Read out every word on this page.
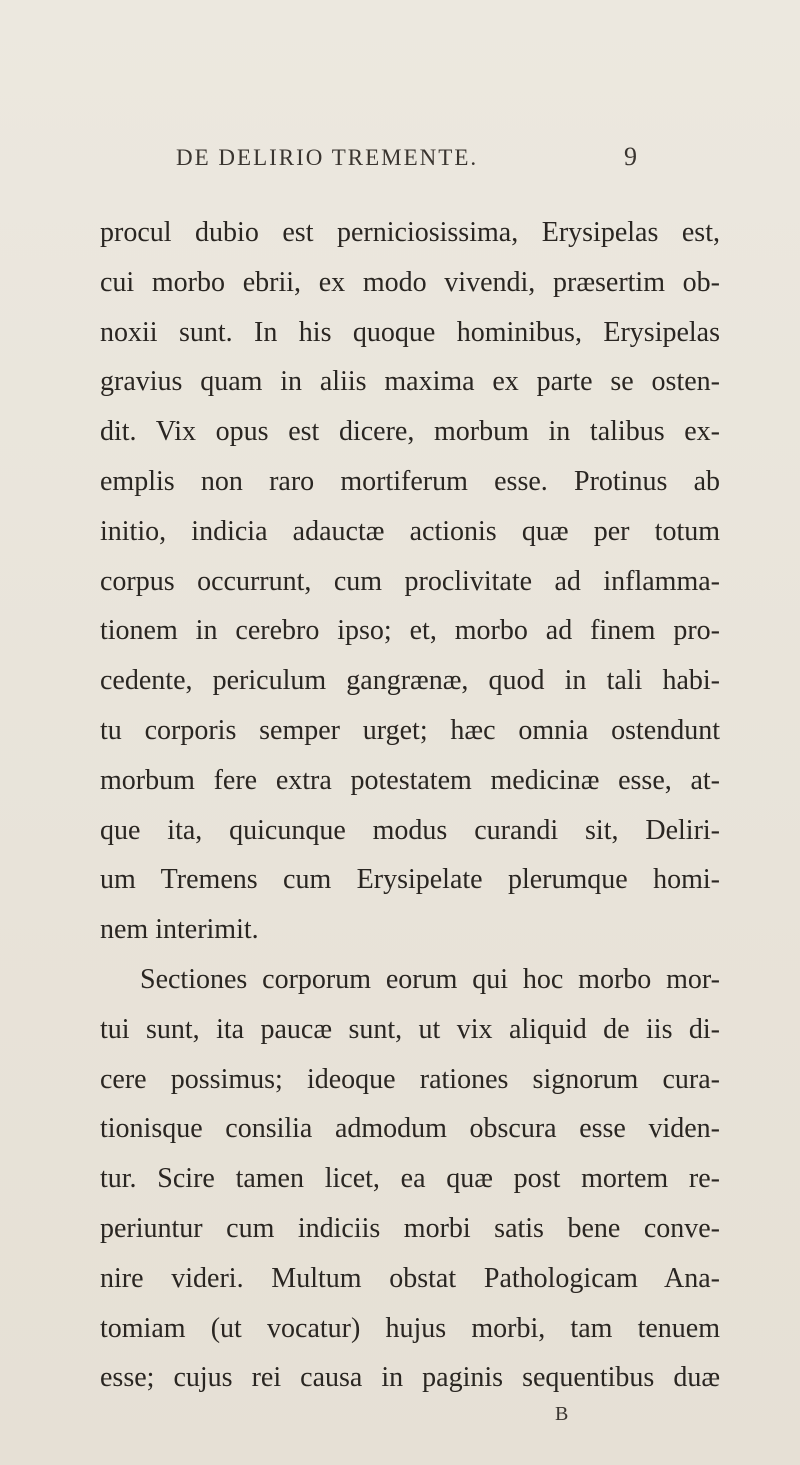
DE DELIRIO TREMENTE.	9
procul dubio est perniciosissima, Erysipelas est,
cui morbo ebrii, ex modo vivendi, præsertim ob-
noxii sunt. In his quoque hominibus, Erysipelas
gravius quam in aliis maxima ex parte se osten-
dit. Vix opus est dicere, morbum in talibus ex-
emplis non raro mortiferum esse. Protinus ab
initio, indicia adauctæ actionis quæ per totum
corpus occurrunt, cum proclivitate ad inflamma-
tionem in cerebro ipso; et, morbo ad finem pro-
cedente, periculum gangrænæ, quod in tali habi-
tu corporis semper urget; hæc omnia ostendunt
morbum fere extra potestatem medicinæ esse, at-
que ita, quicunque modus curandi sit, Deliri-
um Tremens cum Erysipelate plerumque homi-
nem interimit.
Sectiones corporum eorum qui hoc morbo mor-
tui sunt, ita paucæ sunt, ut vix aliquid de iis di-
cere possimus; ideoque rationes signorum cura-
tionisque consilia admodum obscura esse viden-
tur. Scire tamen licet, ea quæ post mortem re-
periuntur cum indiciis morbi satis bene conve-
nire videri. Multum obstat Pathologicam Ana-
tomiam (ut vocatur) hujus morbi, tam tenuem
esse; cujus rei causa in paginis sequentibus duæ
B
